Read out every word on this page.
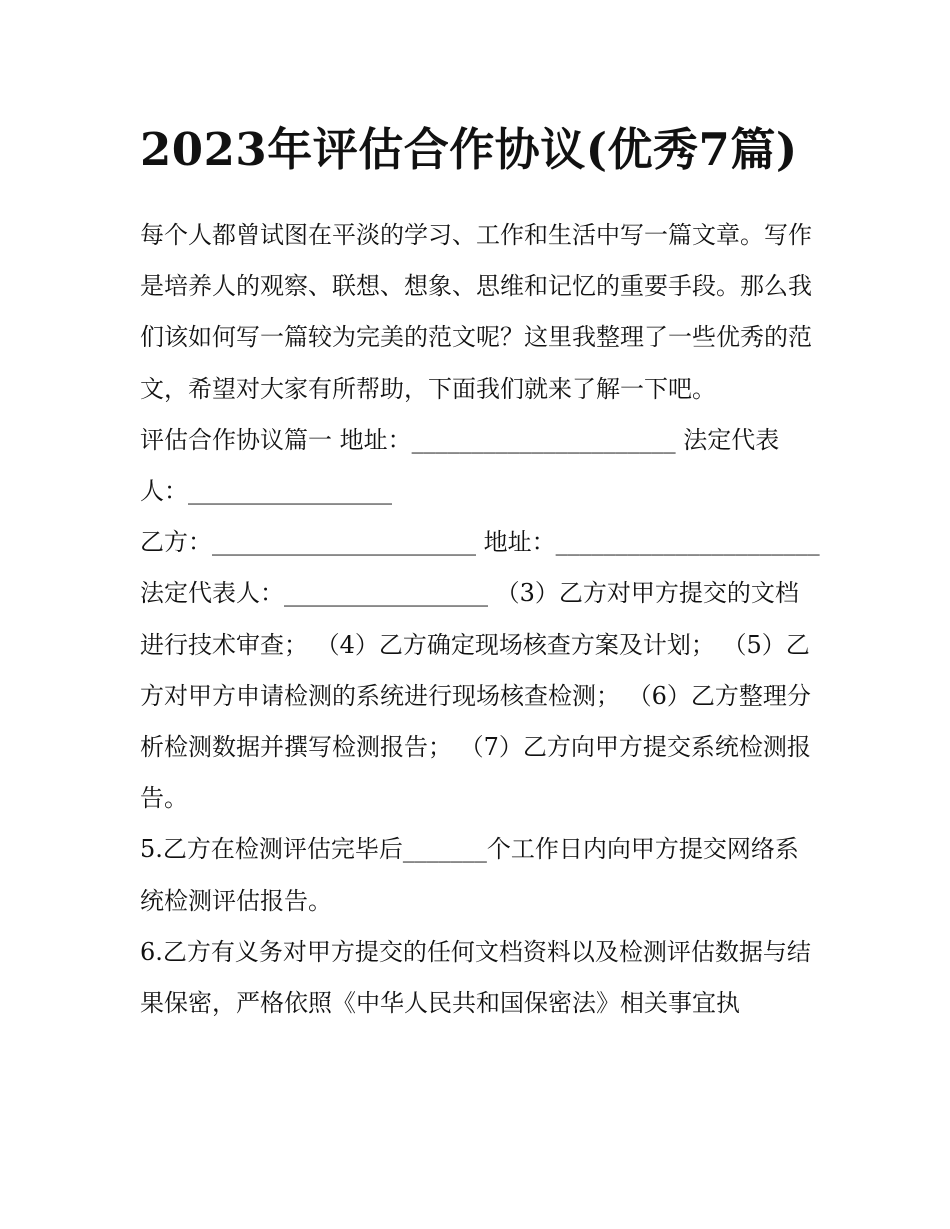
2023年评估合作协议(优秀7篇)

每个人都曾试图在平淡的学习、工作和生活中写一篇文章。写作是培养人的观察、联想、想象、思维和记忆的重要手段。那么我们该如何写一篇较为完美的范文呢？这里我整理了一些优秀的范文，希望对大家有所帮助，下面我们就来了解一下吧。

评估合作协议篇一 地址：______________________ 法定代表人：_________________

乙方：______________________ 地址：______________________

法定代表人：_________________ （3）乙方对甲方提交的文档进行技术审查； （4）乙方确定现场核查方案及计划； （5）乙方对甲方申请检测的系统进行现场核查检测； （6）乙方整理分析检测数据并撰写检测报告； （7）乙方向甲方提交系统检测报告。

5.乙方在检测评估完毕后_______个工作日内向甲方提交网络系统检测评估报告。

6.乙方有义务对甲方提交的任何文档资料以及检测评估数据与结果保密，严格依照《中华人民共和国保密法》相关事宜执
